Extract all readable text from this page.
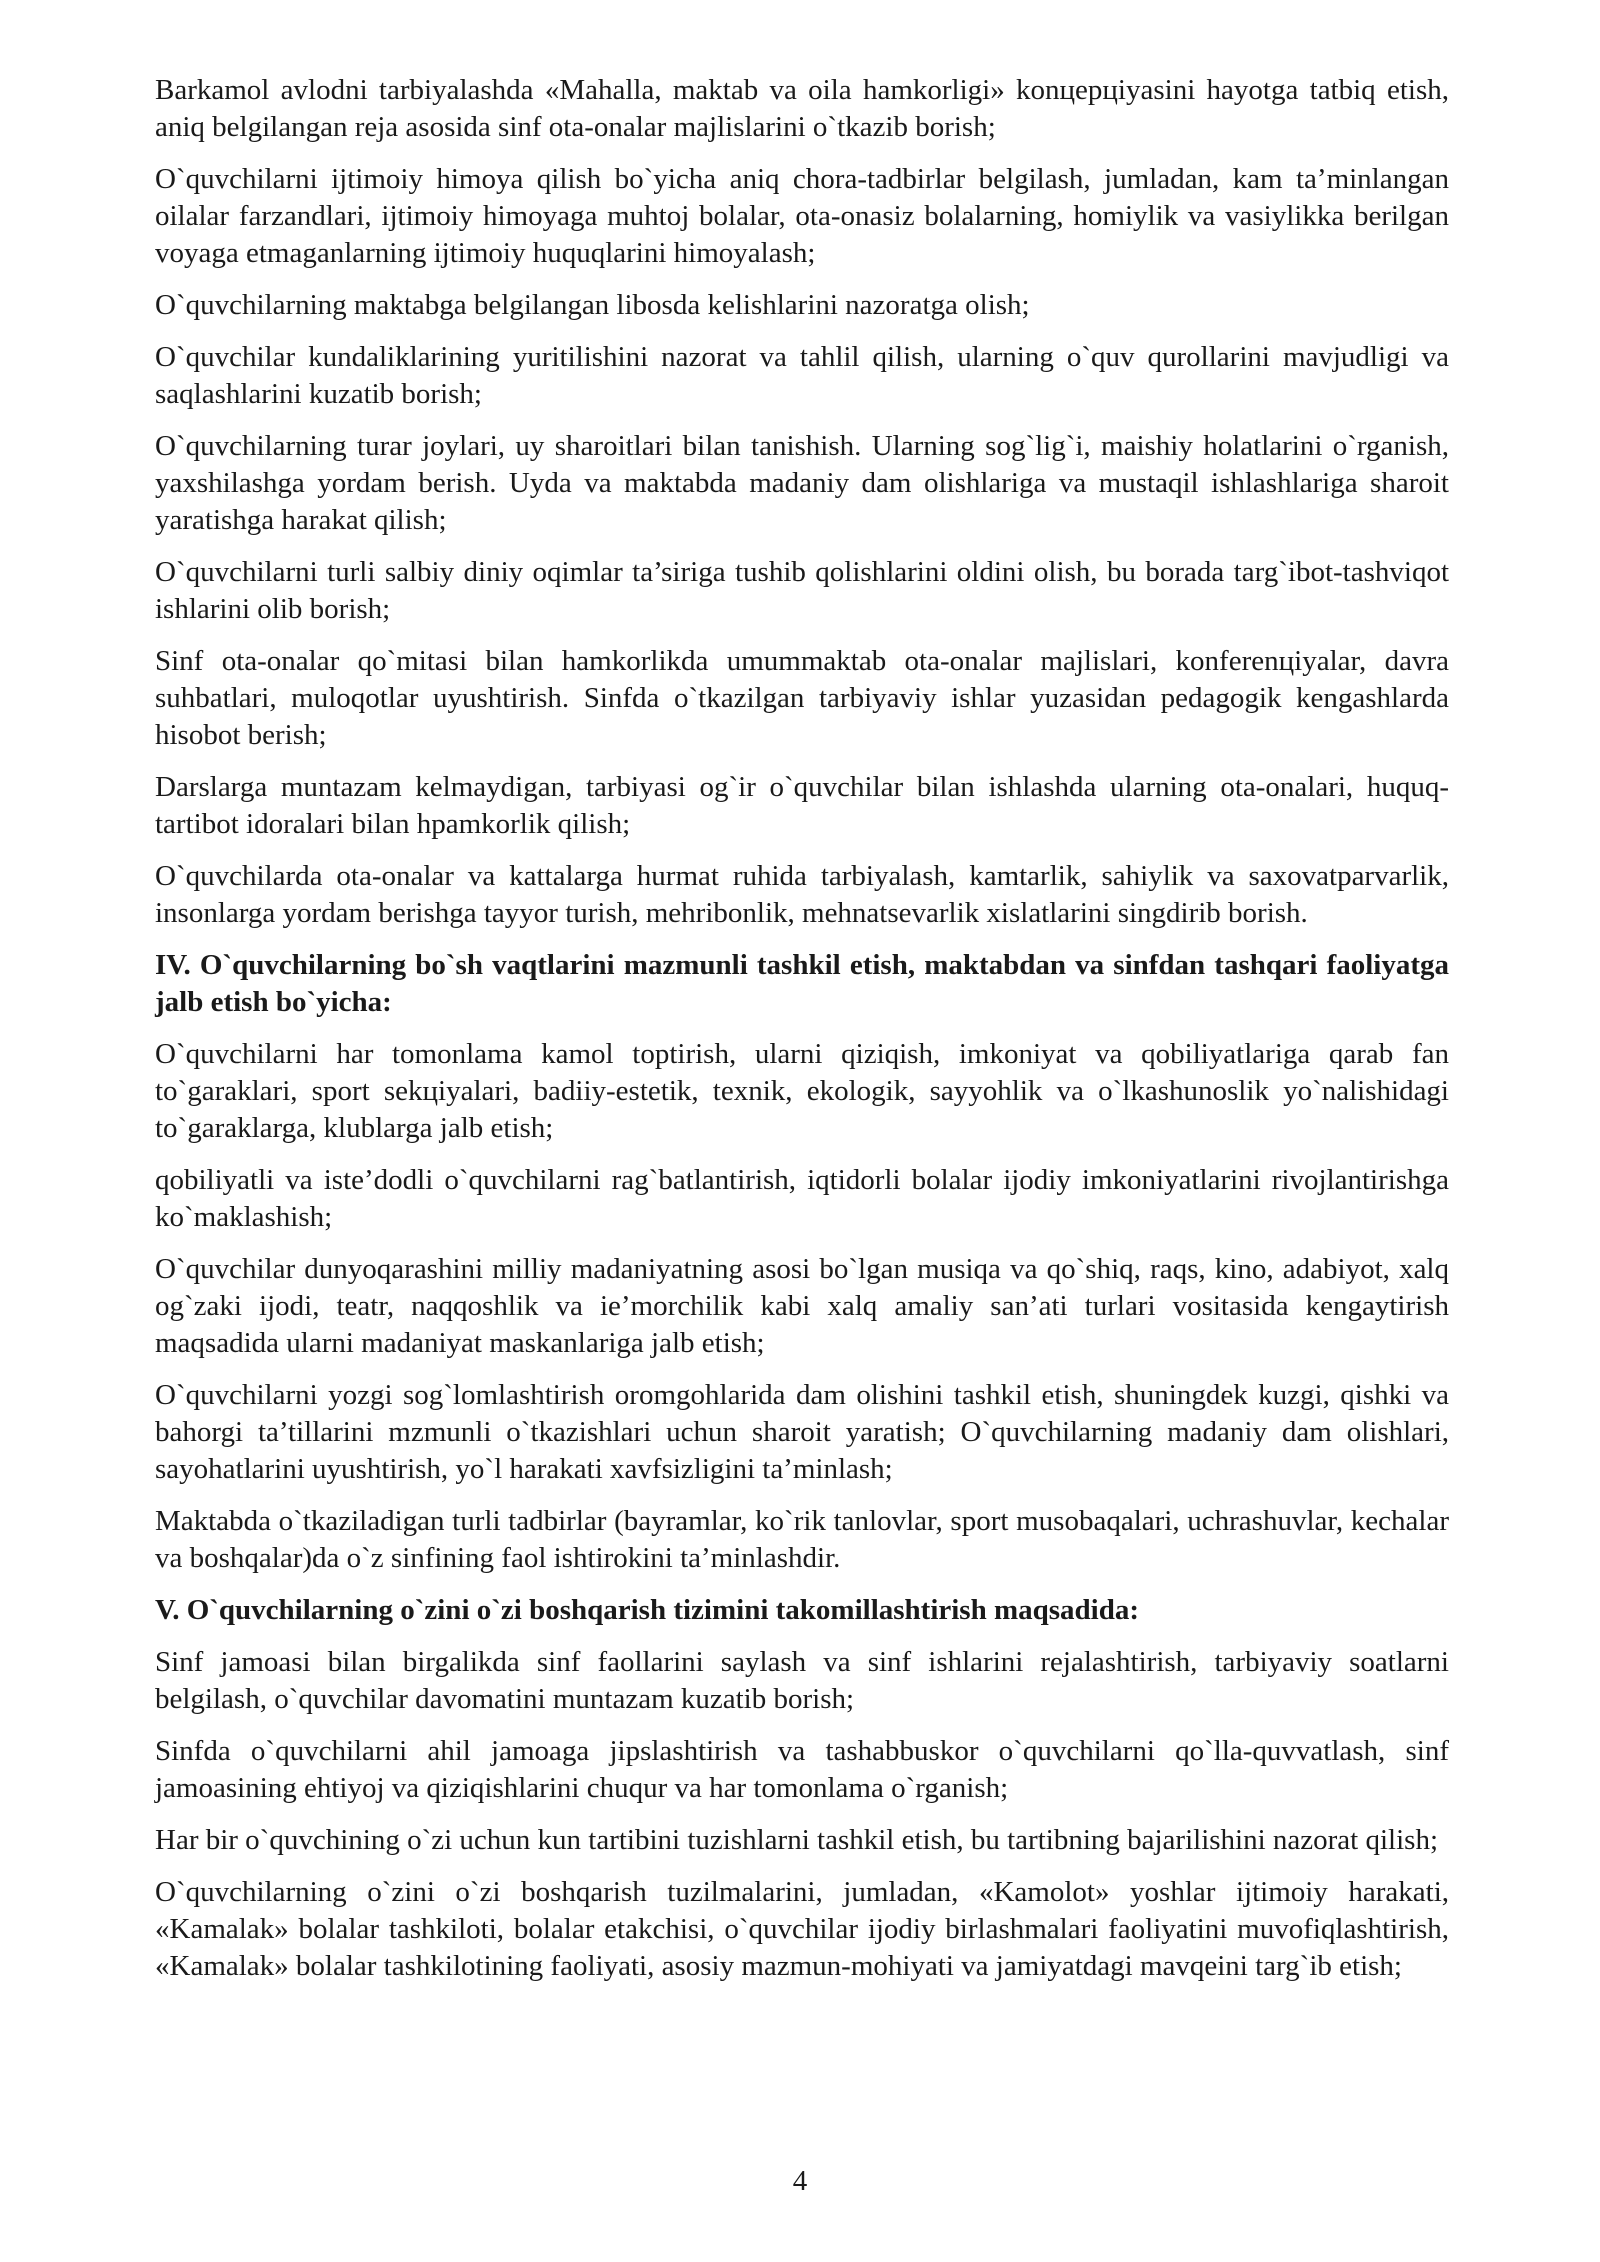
Barkamol avlodni tarbiyalashda «Mahalla, maktab va oila hamkorligi» konцерцiyasini hayotga tatbiq etish, aniq belgilangan reja asosida sinf ota-onalar majlislarini o`tkazib borish;

O`quvchilarni ijtimoiy himoya qilish bo`yicha aniq chora-tadbirlar belgilash, jumladan, kam ta’minlangan oilalar farzandlari, ijtimoiy himoyaga muhtoj bolalar, ota-onasiz bolalarning, homiylik va vasiylikka berilgan voyaga etmaganlarning ijtimoiy huquqlarini himoyalash;

O`quvchilarning maktabga belgilangan libosda kelishlarini nazoratga olish;

O`quvchilar kundaliklarining yuritilishini nazorat va tahlil qilish, ularning o`quv qurollarini mavjudligi va saqlashlarini kuzatib borish;

O`quvchilarning turar joylari, uy sharoitlari bilan tanishish. Ularning sog`lig`i, maishiy holatlarini o`rganish, yaxshilashga yordam berish. Uyda va maktabda madaniy dam olishlariga va mustaqil ishlashlariga sharoit yaratishga harakat qilish;

O`quvchilarni turli salbiy diniy oqimlar ta’siriga tushib qolishlarini oldini olish, bu borada targ`ibot-tashviqot ishlarini olib borish;

Sinf ota-onalar qo`mitasi bilan hamkorlikda umummaktab ota-onalar majlislari, konferenцiyalar, davra suhbatlari, muloqotlar uyushtirish. Sinfda o`tkazilgan tarbiyaviy ishlar yuzasidan pedagogik kengashlarda hisobot berish;

Darslarga muntazam kelmaydigan, tarbiyasi og`ir o`quvchilar bilan ishlashda ularning ota-onalari, huquq-tartibot idoralari bilan hpamkorlik qilish;

O`quvchilarda ota-onalar va kattalarga hurmat ruhida tarbiyalash, kamtarlik, sahiylik va saxovatparvarlik, insonlarga yordam berishga tayyor turish, mehribonlik, mehnatsevarlik xislatlarini singdirib borish.

IV. O`quvchilarning bo`sh vaqtlarini mazmunli tashkil etish, maktabdan va sinfdan tashqari faoliyatga jalb etish bo`yicha:

O`quvchilarni har tomonlama kamol toptirish, ularni qiziqish, imkoniyat va qobiliyatlariga qarab fan to`garaklari, sport sekцiyalari, badiiy-estetik, texnik, ekologik, sayyohlik va o`lkashunoslik yo`nalishidagi to`garaklarga, klublarga jalb etish;

qobiliyatli va iste’dodli o`quvchilarni rag`batlantirish, iqtidorli bolalar ijodiy imkoniyatlarini rivojlantirishga ko`maklashish;

O`quvchilar dunyoqarashini milliy madaniyatning asosi bo`lgan musiqa va qo`shiq, raqs, kino, adabiyot, xalq og`zaki ijodi, teatr, naqqoshlik va ie’morchilik kabi xalq amaliy san’ati turlari vositasida kengaytirish maqsadida ularni madaniyat maskanlariga jalb etish;

O`quvchilarni yozgi sog`lomlashtirish oromgohlarida dam olishini tashkil etish, shuningdek kuzgi, qishki va bahorgi ta’tillarini mzmunli o`tkazishlari uchun sharoit yaratish; O`quvchilarning madaniy dam olishlari, sayohatlarini uyushtirish, yo`l harakati xavfsizligini ta’minlash;

Maktabda o`tkaziladigan turli tadbirlar (bayramlar, ko`rik tanlovlar, sport musobaqalari, uchrashuvlar, kechalar va boshqalar)da o`z sinfining faol ishtirokini ta’minlashdir.

V. O`quvchilarning o`zini o`zi boshqarish tizimini takomillashtirish maqsadida:

Sinf jamoasi bilan birgalikda sinf faollarini saylash va sinf ishlarini rejalashtirish, tarbiyaviy soatlarni belgilash, o`quvchilar davomatini muntazam kuzatib borish;

Sinfda o`quvchilarni ahil jamoaga jipslashtirish va tashabbuskor o`quvchilarni qo`lla-quvvatlash, sinf jamoasining ehtiyoj va qiziqishlarini chuqur va har tomonlama o`rganish;

Har bir o`quvchining o`zi uchun kun tartibini tuzishlarni tashkil etish, bu tartibning bajarilishini nazorat qilish;

O`quvchilarning o`zini o`zi boshqarish tuzilmalarini, jumladan, «Kamolot» yoshlar ijtimoiy harakati, «Kamalak» bolalar tashkiloti, bolalar etakchisi, o`quvchilar ijodiy birlashmalari faoliyatini muvofiqlashtirish, «Kamalak» bolalar tashkilotining faoliyati, asosiy mazmun-mohiyati va jamiyatdagi mavqeini targ`ib etish;

4
